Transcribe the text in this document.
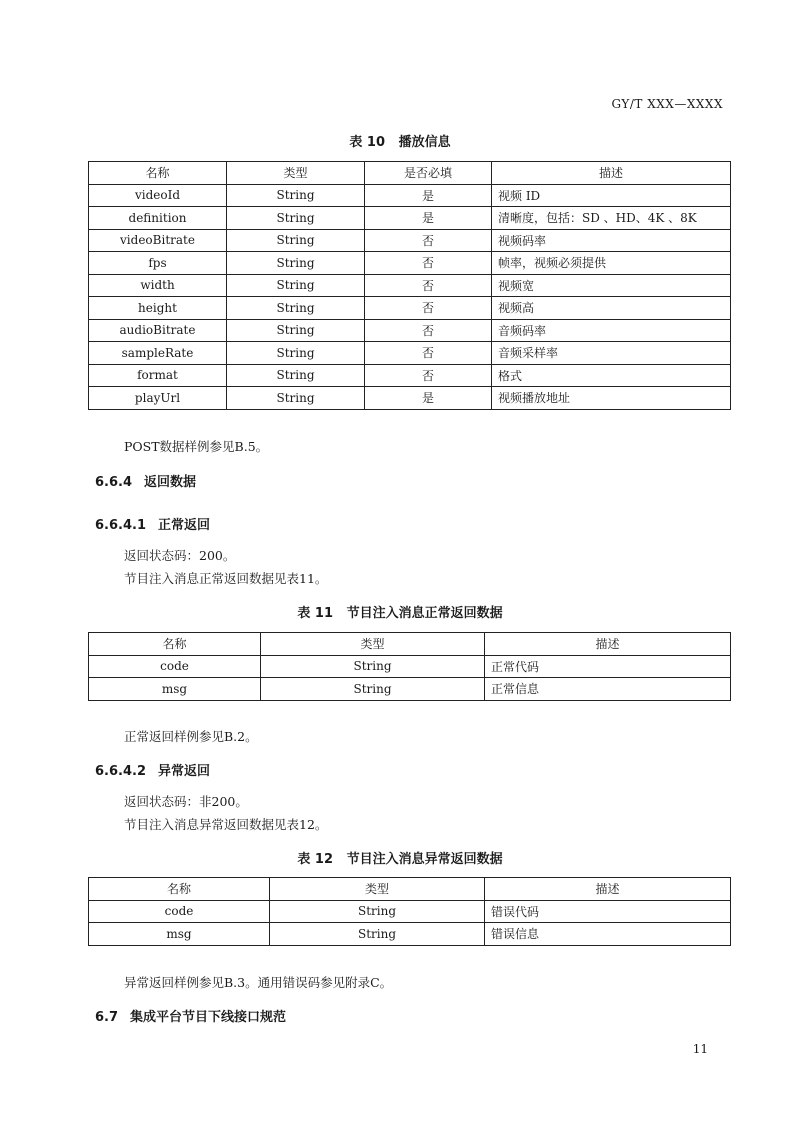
GY/T XXX—XXXX
表 10 播放信息
名称	类型	是否必填	描述
videoId	String	是	视频 ID
definition	String	是	清晰度，包括：SD 、HD、4K 、8K
videoBitrate	String	否	视频码率
fps	String	否	帧率，视频必须提供
width	String	否	视频宽
height	String	否	视频高
audioBitrate	String	否	音频码率
sampleRate	String	否	音频采样率
format	String	否	格式
playUrl	String	是	视频播放地址
POST数据样例参见B.5。
6.6.4 返回数据
6.6.4.1 正常返回
返回状态码：200。
节目注入消息正常返回数据见表11。
表 11 节目注入消息正常返回数据
名称	类型	描述
code	String	正常代码
msg	String	正常信息
正常返回样例参见B.2。
6.6.4.2 异常返回
返回状态码：非200。
节目注入消息异常返回数据见表12。
表 12 节目注入消息异常返回数据
名称	类型	描述
code	String	错误代码
msg	String	错误信息
异常返回样例参见B.3。通用错误码参见附录C。
6.7 集成平台节目下线接口规范
11
